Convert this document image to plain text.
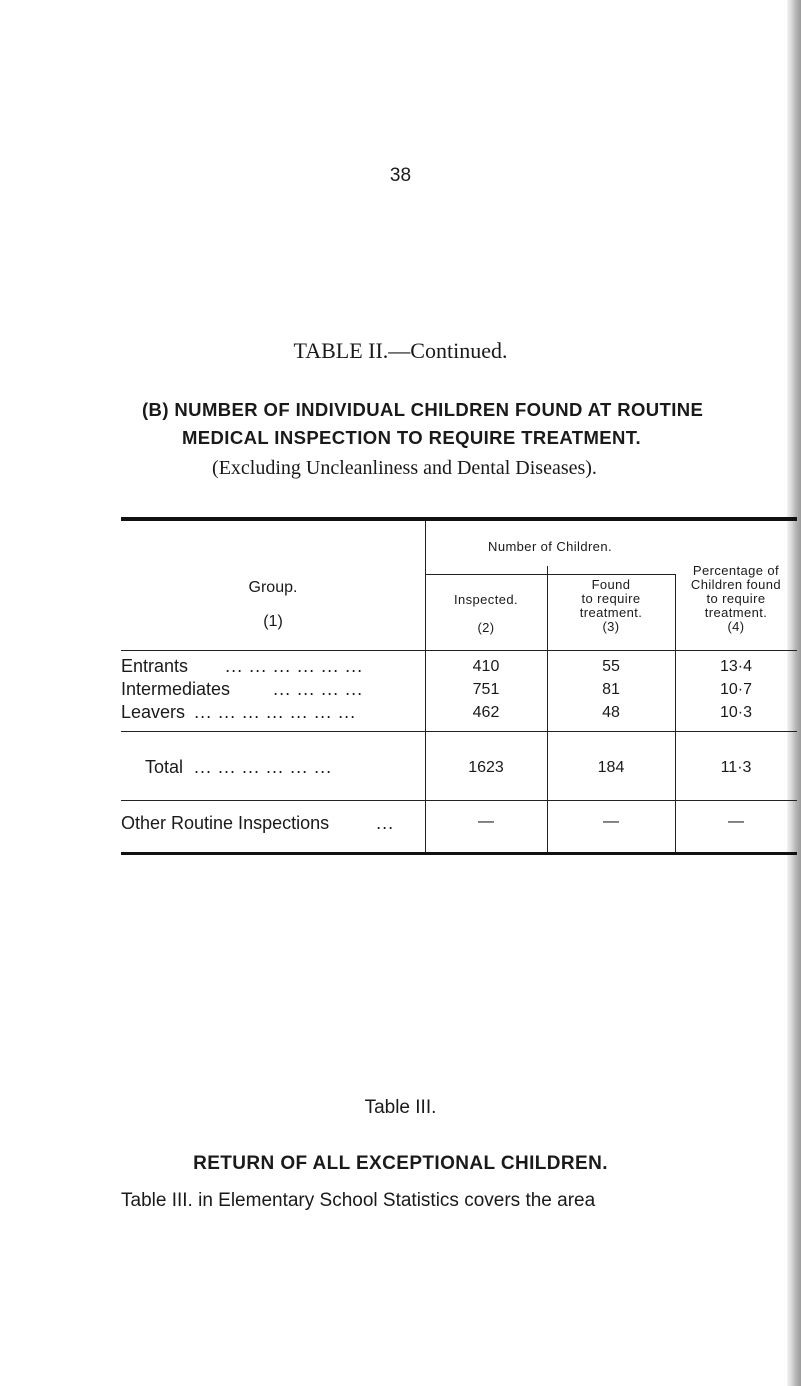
38
TABLE II.—Continued.
(B) NUMBER OF INDIVIDUAL CHILDREN FOUND AT ROUTINE
MEDICAL INSPECTION TO REQUIRE TREATMENT.
(Excluding Uncleanliness and Dental Diseases).
Group.
(1)
Number of Children.
Inspected.
(2)
Found
to require
treatment.
(3)
Percentage of
Children found
to require
treatment.
(4)
Entrants ... ... ... ... ... ...	410	55	13·4
Intermediates ... ... ... ...	751	81	10·7
Leavers ... ... ... ... ... ... ...	462	48	10·3
Total ... ... ... ... ... ...	1623	184	11·3
Other Routine Inspections	...	—	—	—
Table III.
RETURN OF ALL EXCEPTIONAL CHILDREN.
Table III. in Elementary School Statistics covers the area
